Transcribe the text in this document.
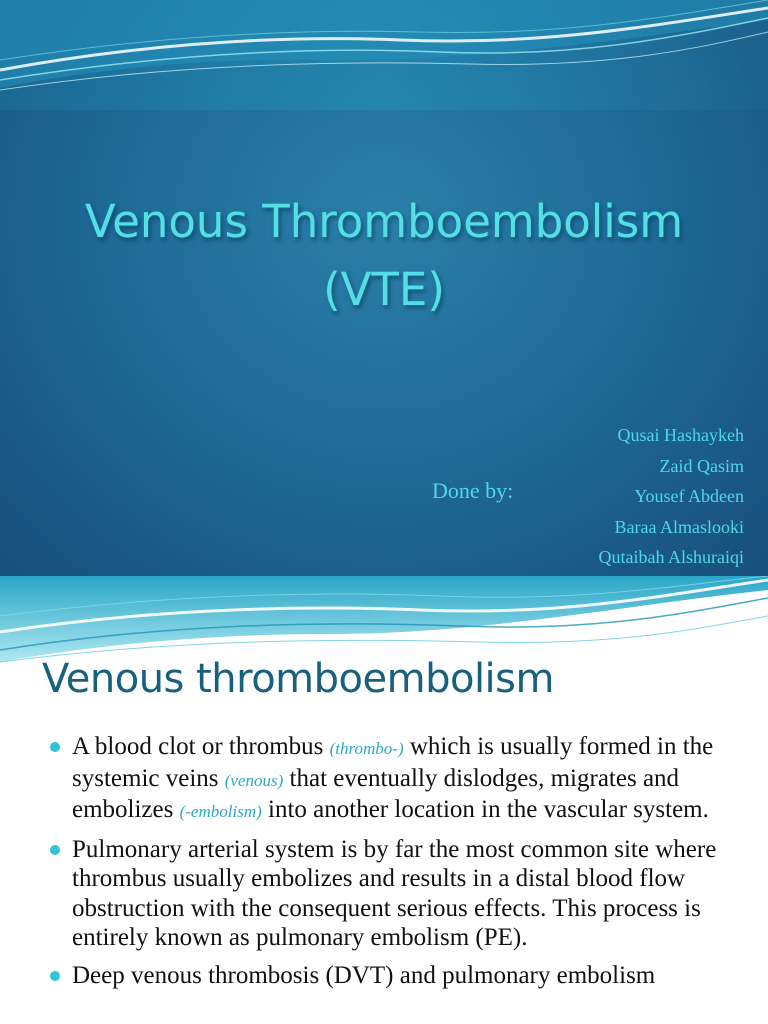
Venous Thromboembolism
(VTE)
Done by:
Qusai Hashaykeh
Zaid Qasim
Yousef Abdeen
Baraa Almaslooki
Qutaibah Alshuraiqi
Venous thromboembolism
A blood clot or thrombus (thrombo-) which is usually formed in the systemic veins (venous) that eventually dislodges, migrates and embolizes (-embolism) into another location in the vascular system.
Pulmonary arterial system is by far the most common site where thrombus usually embolizes and results in a distal blood flow obstruction with the consequent serious effects. This process is entirely known as pulmonary embolism (PE).
Deep venous thrombosis (DVT) and pulmonary embolism
